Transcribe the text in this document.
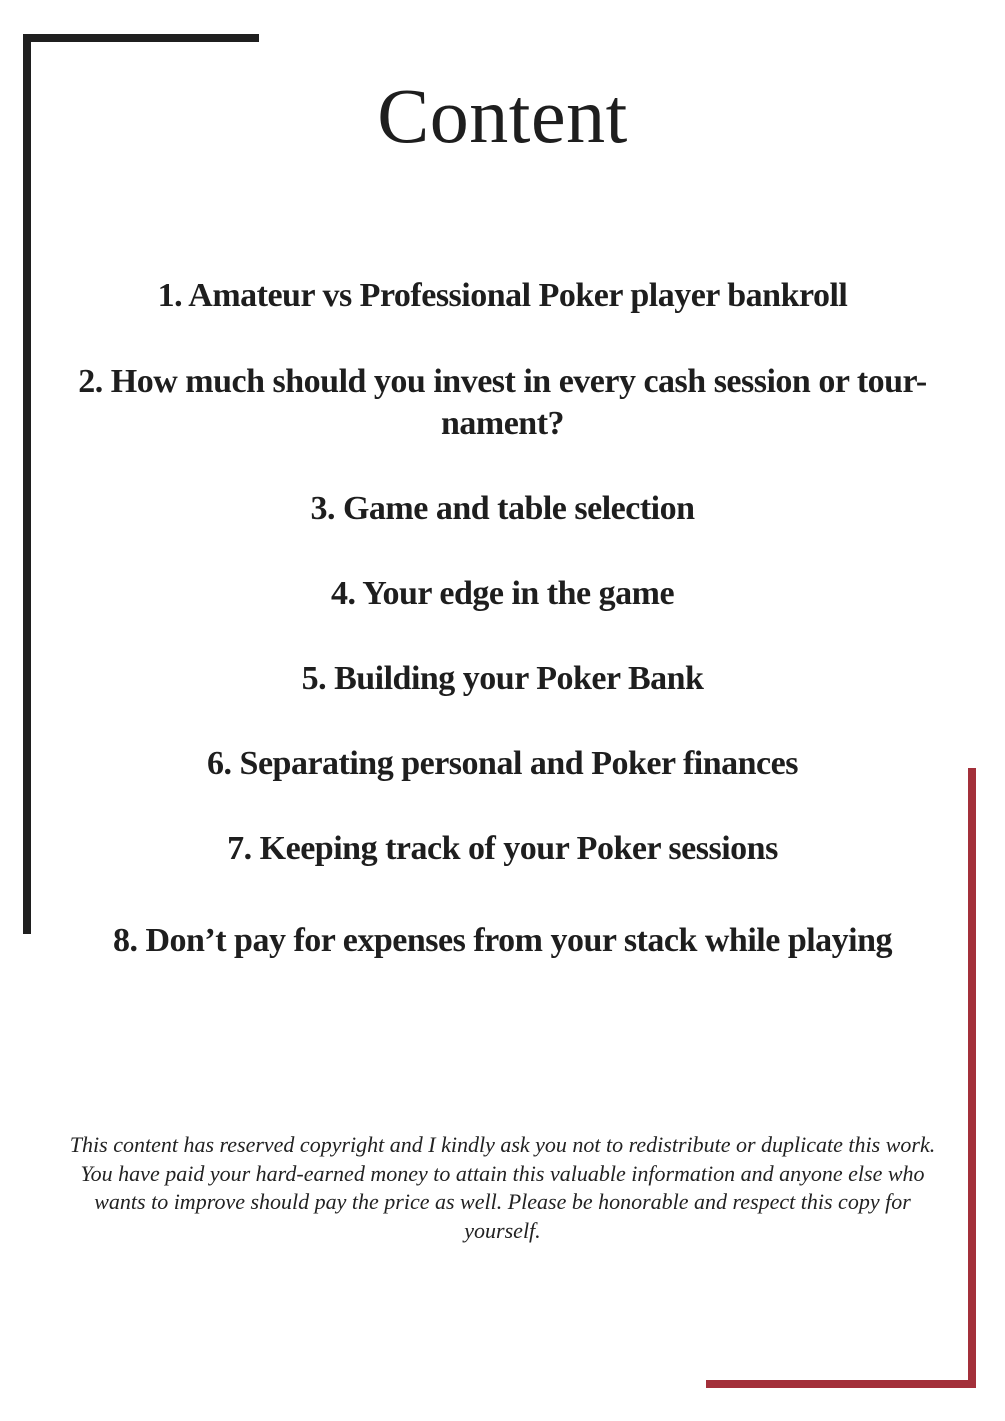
Content

1. Amateur vs Professional Poker player bankroll

2. How much should you invest in every cash session or tour-
nament?

3. Game and table selection

4. Your edge in the game

5. Building your Poker Bank

6. Separating personal and Poker finances

7. Keeping track of your Poker sessions

8. Don’t pay for expenses from your stack while playing

This content has reserved copyright and I kindly ask you not to redistribute or duplicate this work. You have paid your hard-earned money to attain this valuable information and anyone else who wants to improve should pay the price as well. Please be honorable and respect this copy for yourself.
